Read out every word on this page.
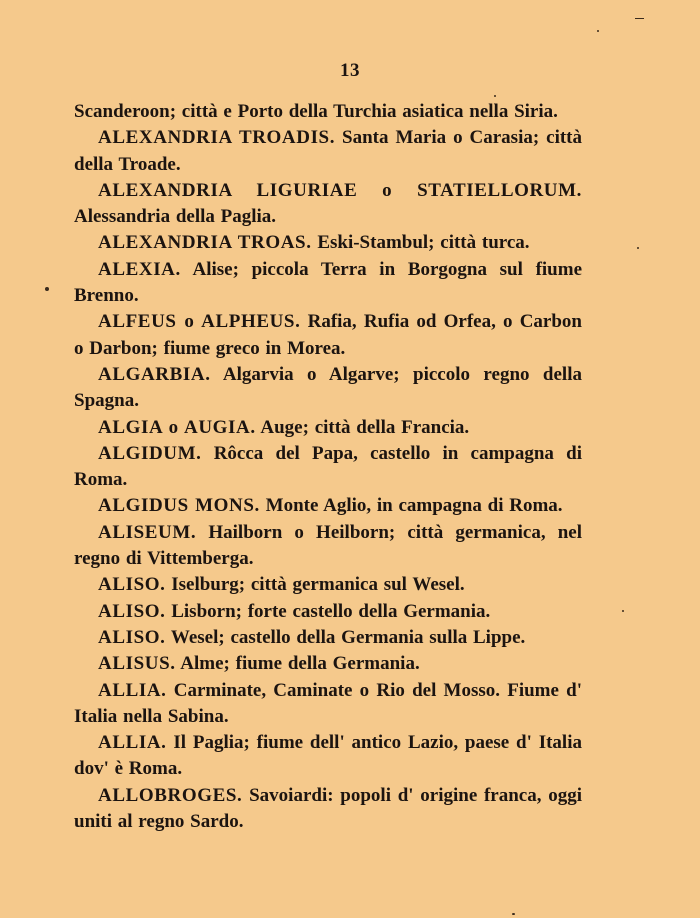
13

Scanderoon; città e Porto della Turchia asiatica nella Siria.

ALEXANDRIA TROADIS. Santa Maria o Carasia; città della Troade.

ALEXANDRIA LIGURIAE o STATIELLORUM. Alessandria della Paglia.

ALEXANDRIA TROAS. Eski-Stambul; città turca.

ALEXIA. Alise; piccola Terra in Borgogna sul fiume Brenno.

ALFEUS o ALPHEUS. Rafia, Rufia od Orfea, o Carbon o Darbon; fiume greco in Morea.

ALGARBIA. Algarvia o Algarve; piccolo regno della Spagna.

ALGIA o AUGIA. Auge; città della Francia.

ALGIDUM. Rôcca del Papa, castello in campagna di Roma.

ALGIDUS MONS. Monte Aglio, in campagna di Roma.

ALISEUM. Hailborn o Heilborn; città germanica, nel regno di Vittemberga.

ALISO. Iselburg; città germanica sul Wesel.

ALISO. Lisborn; forte castello della Germania.

ALISO. Wesel; castello della Germania sulla Lippe.

ALISUS. Alme; fiume della Germania.

ALLIA. Carminate, Caminate o Rio del Mosso. Fiume d' Italia nella Sabina.

ALLIA. Il Paglia; fiume dell' antico Lazio, paese d' Italia dov' è Roma.

ALLOBROGES. Savoiardi: popoli d' origine franca, oggi uniti al regno Sardo.
